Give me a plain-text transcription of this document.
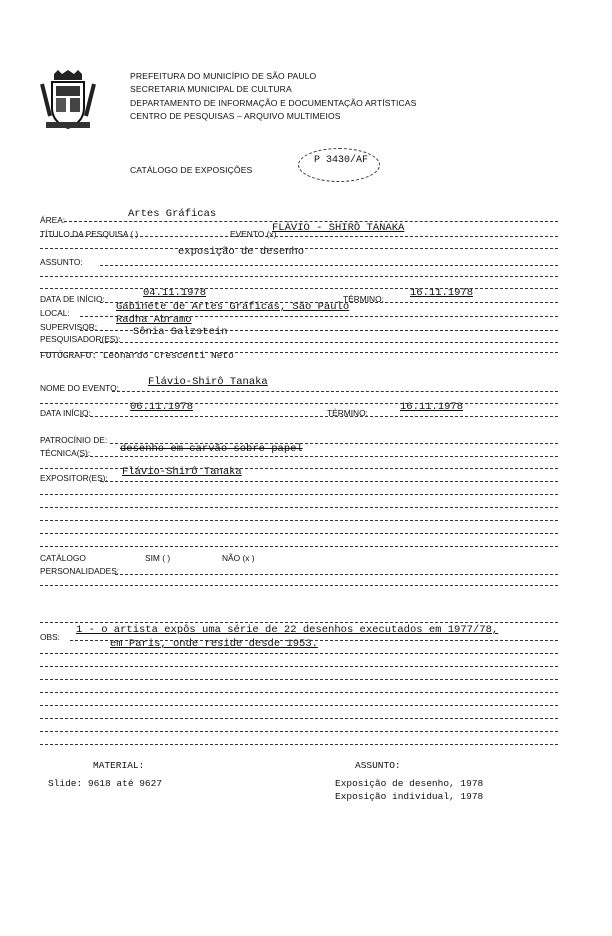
PREFEITURA DO MUNICÍPIO DE SÃO PAULO
SECRETARIA MUNICIPAL DE CULTURA
DEPARTAMENTO DE INFORMAÇÃO E DOCUMENTAÇÃO ARTÍSTICAS
CENTRO DE PESQUISAS – ARQUIVO MULTIMEIOS
CATÁLOGO DE EXPOSIÇÕES
P 3430/AF
ÁREA:	Artes Gráficas
TÍTULO DA PESQUISA ( )	EVENTO (x)
FLÁVIO - SHIRÔ TANAKA
ASSUNTO:
exposição de desenho
DATA DE INÍCIO:	04.11.1978	TÉRMINO: 16.11.1978
LOCAL:	Gabinete de Artes Gráficas, São Paulo
SUPERVISOR:
Radha Abramo
PESQUISADOR(ES):
Sônia Salzstein
FOTÓGRAFO: Leonardo Crescenti Neto
NOME DO EVENTO:	Flávio-Shirô Tanaka
DATA INÍCIO:	06.11.1978	TÉRMINO:	16.11.1978
PATROCÍNIO DE:
TÉCNICA(S):	desenho em carvão sobre papel
EXPOSITOR(ES): Flávio-Shirô Tanaka
CATÁLOGO	SIM ( )	NÃO (x )
PERSONALIDADES:
OBS:
1 - o artista expôs uma série de 22 desenhos executados em 1977/78,
em Paris, onde reside desde 1953.
MATERIAL:
Slide: 9618 até 9627
ASSUNTO:
Exposição de desenho, 1978
Exposição individual, 1978
